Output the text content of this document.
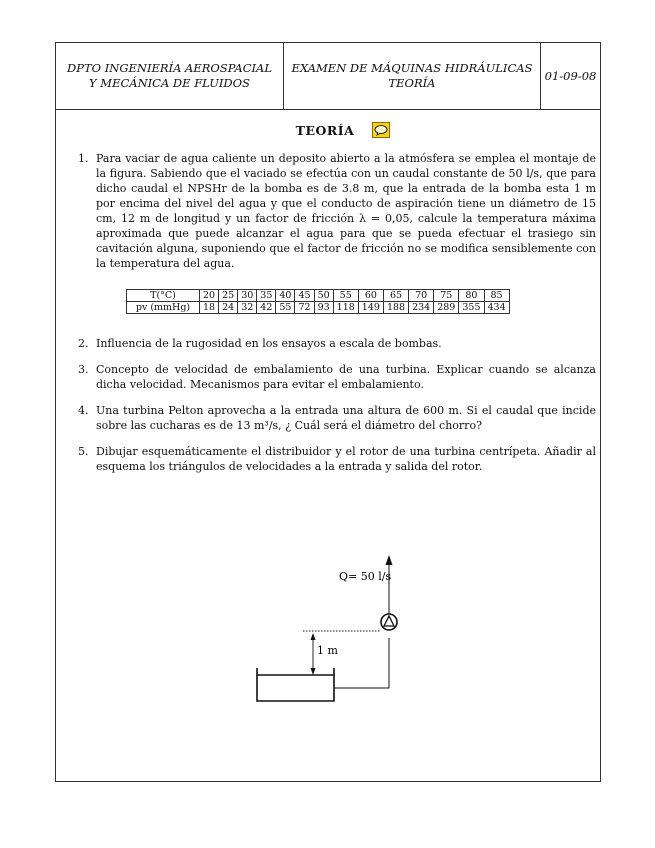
DPTO INGENIERÍA AEROSPACIAL
Y MECÁNICA DE FLUIDOS
EXAMEN DE MÁQUINAS HIDRÁULICAS
TEORÍA
01-09-08
TEORÍA
1. Para vaciar de agua caliente un deposito abierto a la atmósfera se emplea el montaje de la figura. Sabiendo que el vaciado se efectúa con un caudal constante de 50 l/s, que para dicho caudal el NPSHr de la bomba es de 3.8 m, que la entrada de la bomba esta 1 m por encima del nivel del agua y que el conducto de aspiración tiene un diámetro de 15 cm, 12 m de longitud y un factor de fricción λ = 0,05, calcule la temperatura máxima aproximada que puede alcanzar el agua para que se pueda efectuar el trasiego sin cavitación alguna, suponiendo que el factor de fricción no se modifica sensiblemente con la temperatura del agua.
T(°C)	20	25	30	35	40	45	50	55	60	65	70	75	80	85
pv (mmHg)	18	24	32	42	55	72	93	118	149	188	234	289	355	434
2. Influencia de la rugosidad en los ensayos a escala de bombas.
3. Concepto de velocidad de embalamiento de una turbina. Explicar cuando se alcanza dicha velocidad. Mecanismos para evitar el embalamiento.
4. Una turbina Pelton aprovecha a la entrada una altura de 600 m. Si el caudal que incide sobre las cucharas es de 13 m³/s, ¿ Cuál será el diámetro del chorro?
5. Dibujar esquemáticamente el distribuidor y el rotor de una turbina centrípeta. Añadir al esquema los triángulos de velocidades a la entrada y salida del rotor.
1 m
Q= 50 l/s
